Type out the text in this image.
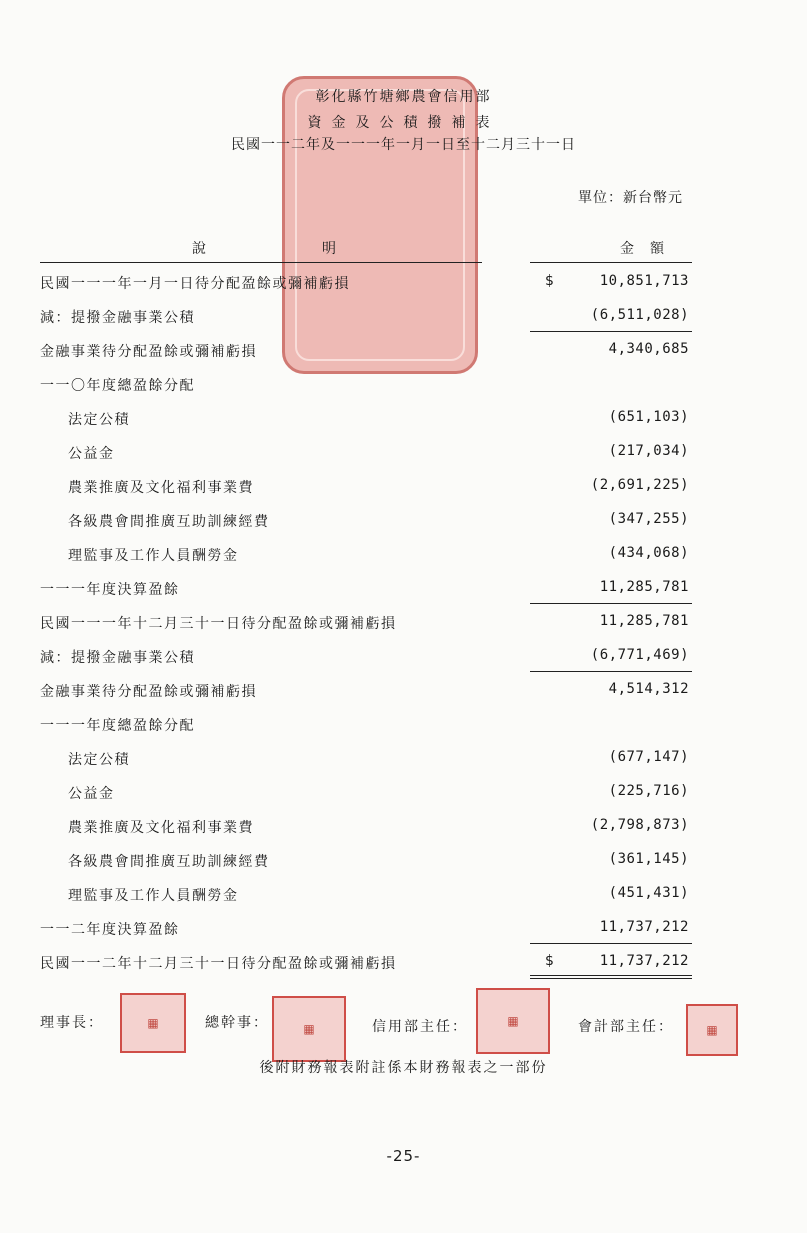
彰化縣竹塘鄉農會信用部
資金及公積撥補表
民國一一二年及一一一年一月一日至十二月三十一日
單位：新台幣元
說	明	金額
民國一一一年一月一日待分配盈餘或彌補虧損	$	10,851,713
減：提撥金融事業公積	(6,511,028)
金融事業待分配盈餘或彌補虧損	4,340,685
一一〇年度總盈餘分配
法定公積	(651,103)
公益金	(217,034)
農業推廣及文化福利事業費	(2,691,225)
各級農會間推廣互助訓練經費	(347,255)
理監事及工作人員酬勞金	(434,068)
一一一年度決算盈餘	11,285,781
民國一一一年十二月三十一日待分配盈餘或彌補虧損	11,285,781
減：提撥金融事業公積	(6,771,469)
金融事業待分配盈餘或彌補虧損	4,514,312
一一一年度總盈餘分配
法定公積	(677,147)
公益金	(225,716)
農業推廣及文化福利事業費	(2,798,873)
各級農會間推廣互助訓練經費	(361,145)
理監事及工作人員酬勞金	(451,431)
一一二年度決算盈餘	11,737,212
民國一一二年十二月三十一日待分配盈餘或彌補虧損	$	11,737,212
理事長：	▦	總幹事：	▦	信用部主任：	▦	會計部主任：	▦
後附財務報表附註係本財務報表之一部份
-25-
